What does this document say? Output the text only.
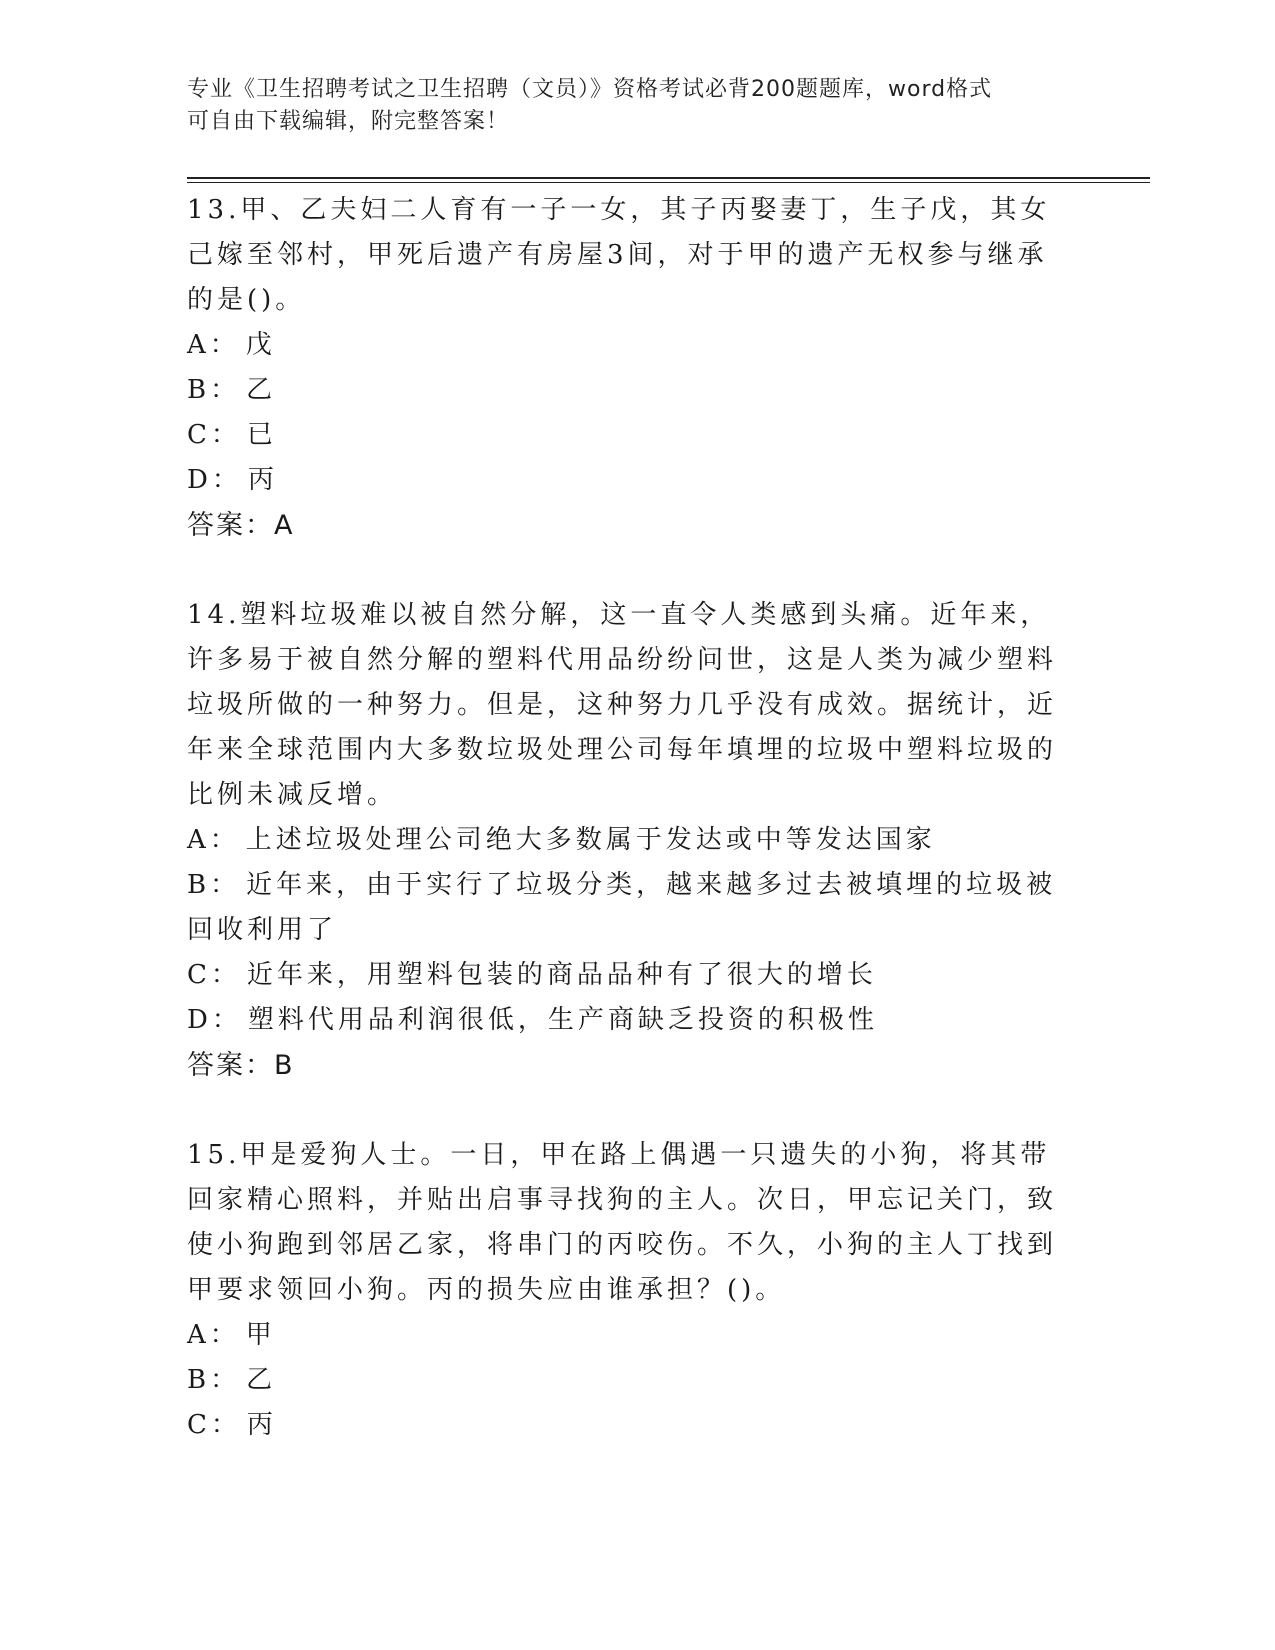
专业《卫生招聘考试之卫生招聘（文员）》资格考试必背200题题库，word格式
可自由下载编辑，附完整答案！

13.甲、乙夫妇二人育有一子一女，其子丙娶妻丁，生子戊，其女己嫁至邻村，甲死后遗产有房屋3间，对于甲的遗产无权参与继承的是()。

A： 戊

B： 乙

C： 已

D： 丙

答案：A

14.塑料垃圾难以被自然分解，这一直令人类感到头痛。近年来，许多易于被自然分解的塑料代用品纷纷问世，这是人类为减少塑料垃圾所做的一种努力。但是，这种努力几乎没有成效。据统计，近年来全球范围内大多数垃圾处理公司每年填埋的垃圾中塑料垃圾的比例未减反增。

A： 上述垃圾处理公司绝大多数属于发达或中等发达国家

B： 近年来，由于实行了垃圾分类，越来越多过去被填埋的垃圾被回收利用了

C： 近年来，用塑料包装的商品品种有了很大的增长

D： 塑料代用品利润很低，生产商缺乏投资的积极性

答案：B

15.甲是爱狗人士。一日，甲在路上偶遇一只遗失的小狗，将其带回家精心照料，并贴出启事寻找狗的主人。次日，甲忘记关门，致使小狗跑到邻居乙家，将串门的丙咬伤。不久，小狗的主人丁找到甲要求领回小狗。丙的损失应由谁承担？()。

A： 甲

B： 乙

C： 丙
